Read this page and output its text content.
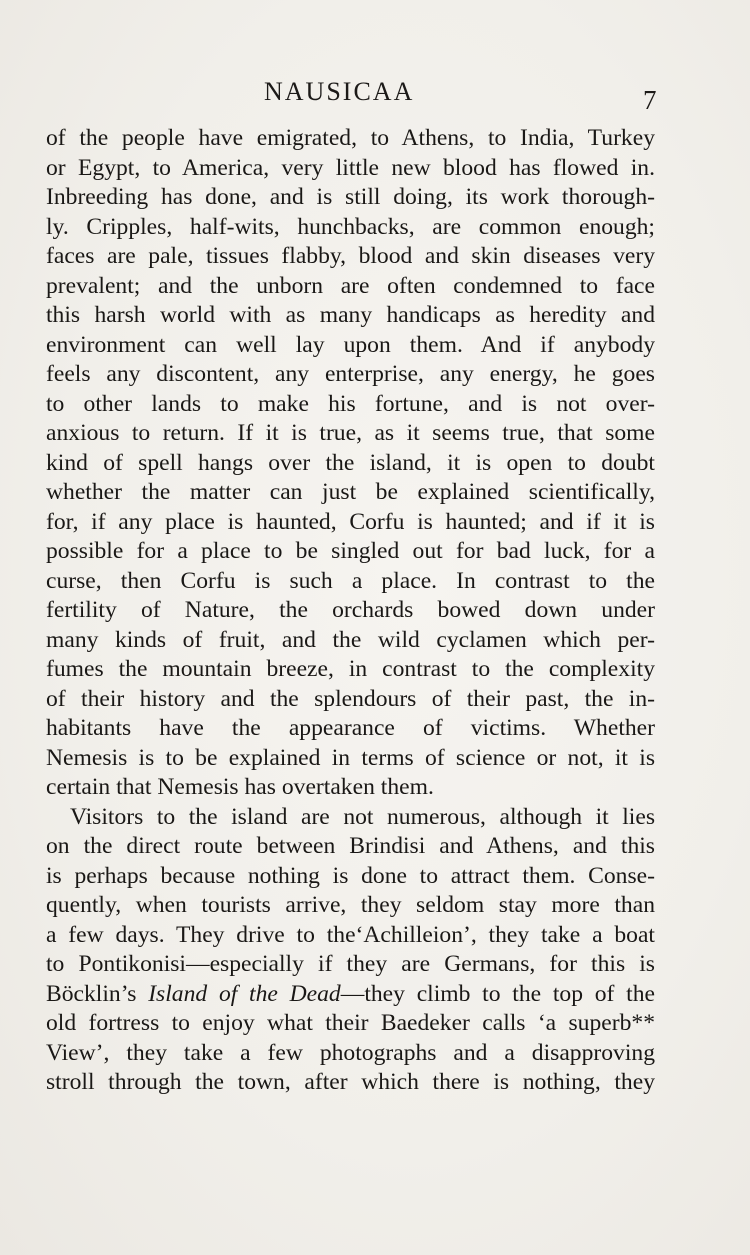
NAUSICAA	7
of the people have emigrated, to Athens, to India, Turkey
or Egypt, to America, very little new blood has flowed in.
Inbreeding has done, and is still doing, its work thorough-
ly. Cripples, half-wits, hunchbacks, are common enough;
faces are pale, tissues flabby, blood and skin diseases very
prevalent; and the unborn are often condemned to face
this harsh world with as many handicaps as heredity and
environment can well lay upon them. And if anybody
feels any discontent, any enterprise, any energy, he goes
to other lands to make his fortune, and is not over-
anxious to return. If it is true, as it seems true, that some
kind of spell hangs over the island, it is open to doubt
whether the matter can just be explained scientifically,
for, if any place is haunted, Corfu is haunted; and if it is
possible for a place to be singled out for bad luck, for a
curse, then Corfu is such a place. In contrast to the
fertility of Nature, the orchards bowed down under
many kinds of fruit, and the wild cyclamen which per-
fumes the mountain breeze, in contrast to the complexity
of their history and the splendours of their past, the in-
habitants have the appearance of victims. Whether
Nemesis is to be explained in terms of science or not, it is
certain that Nemesis has overtaken them.
Visitors to the island are not numerous, although it lies
on the direct route between Brindisi and Athens, and this
is perhaps because nothing is done to attract them. Conse-
quently, when tourists arrive, they seldom stay more than
a few days. They drive to the‘Achilleion’, they take a boat
to Pontikonisi—especially if they are Germans, for this is
Böcklin’s Island of the Dead—they climb to the top of the
old fortress to enjoy what their Baedeker calls ‘a superb**
View’, they take a few photographs and a disapproving
stroll through the town, after which there is nothing, they
